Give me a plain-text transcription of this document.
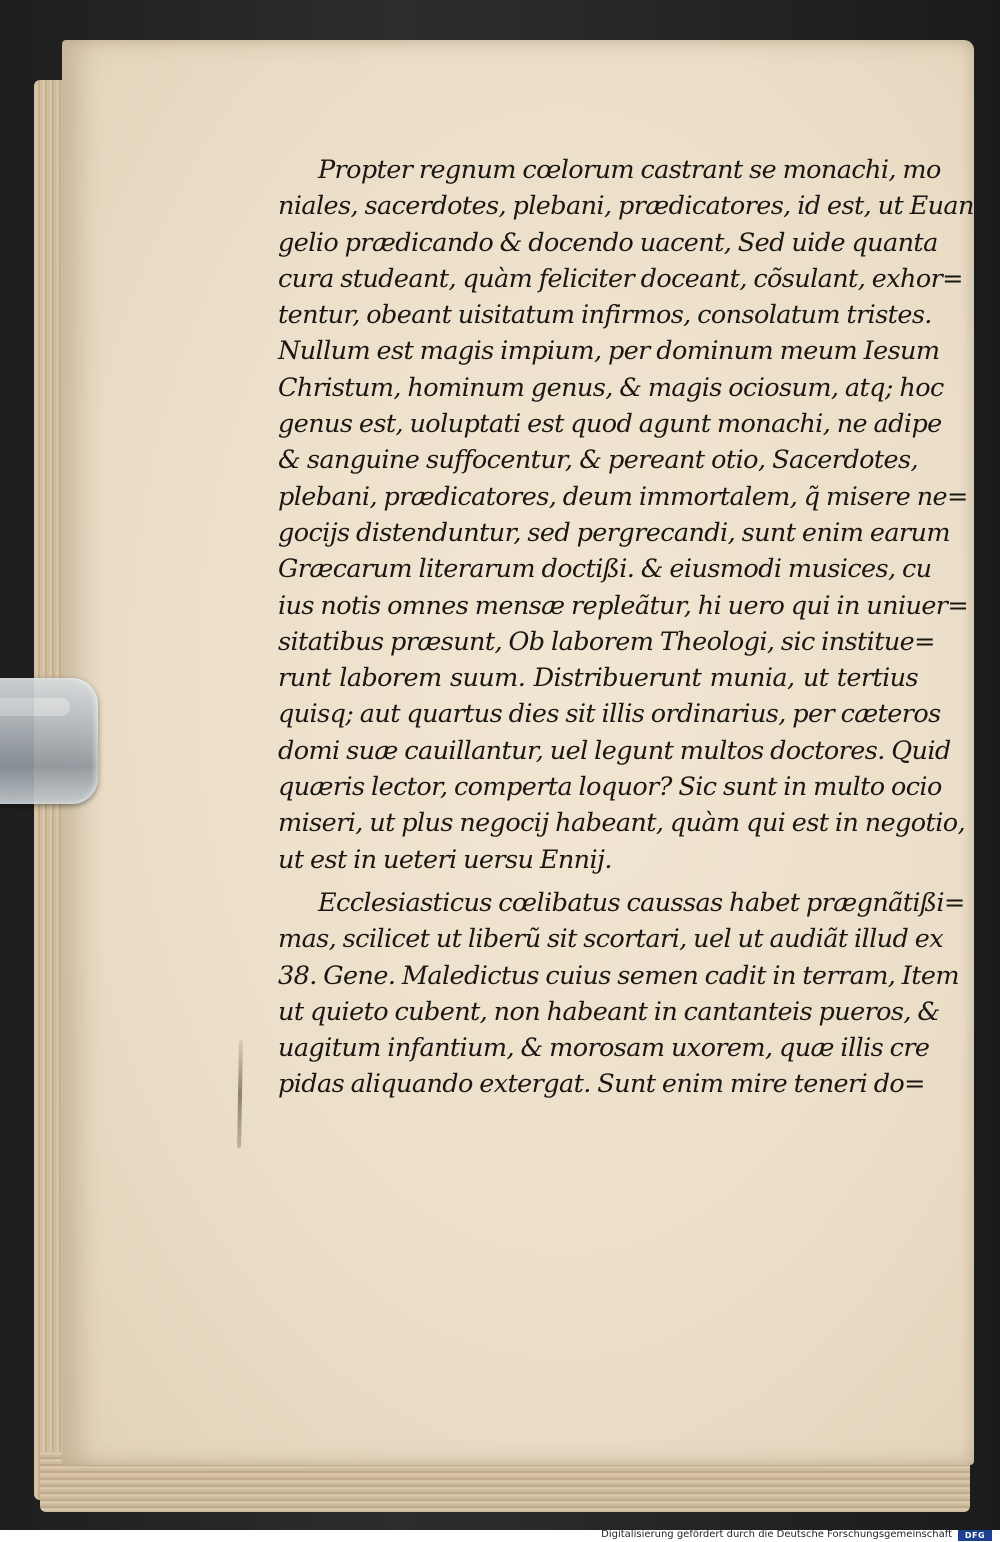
Propter regnum cœlorum castrant se monachi, mo
niales, sacerdotes, plebani, prædicatores, id est, ut Euan
gelio prædicando & docendo uacent, Sed uide quanta
cura studeant, quàm feliciter doceant, cõsulant, exhor=
tentur, obeant uisitatum infirmos, consolatum tristes.
Nullum est magis impium, per dominum meum Iesum
Christum, hominum genus, & magis ociosum, atq; hoc
genus est, uoluptati est quod agunt monachi, ne adipe
& sanguine suffocentur, & pereant otio, Sacerdotes,
plebani, prædicatores, deum immortalem, q̃ misere ne=
gocijs distenduntur, sed pergrecandi, sunt enim earum
Græcarum literarum doctißi. & eiusmodi musices, cu
ius notis omnes mensæ repleãtur, hi uero qui in uniuer=
sitatibus præsunt, Ob laborem Theologi, sic institue=
runt laborem suum. Distribuerunt munia, ut tertius
quisq; aut quartus dies sit illis ordinarius, per cæteros
domi suæ cauillantur, uel legunt multos doctores. Quid
quæris lector, comperta loquor? Sic sunt in multo ocio
miseri, ut plus negocij habeant, quàm qui est in negotio,
ut est in ueteri uersu Ennij.
Ecclesiasticus cœlibatus caussas habet prægnãtißi=
mas, scilicet ut liberũ sit scortari, uel ut audiãt illud ex
38. Gene. Maledictus cuius semen cadit in terram, Item
ut quieto cubent, non habeant in cantanteis pueros, &
uagitum infantium, & morosam uxorem, quæ illis cre
pidas aliquando extergat. Sunt enim mire teneri do=
Digitalisierung gefördert durch die Deutsche Forschungsgemeinschaft	DFG
